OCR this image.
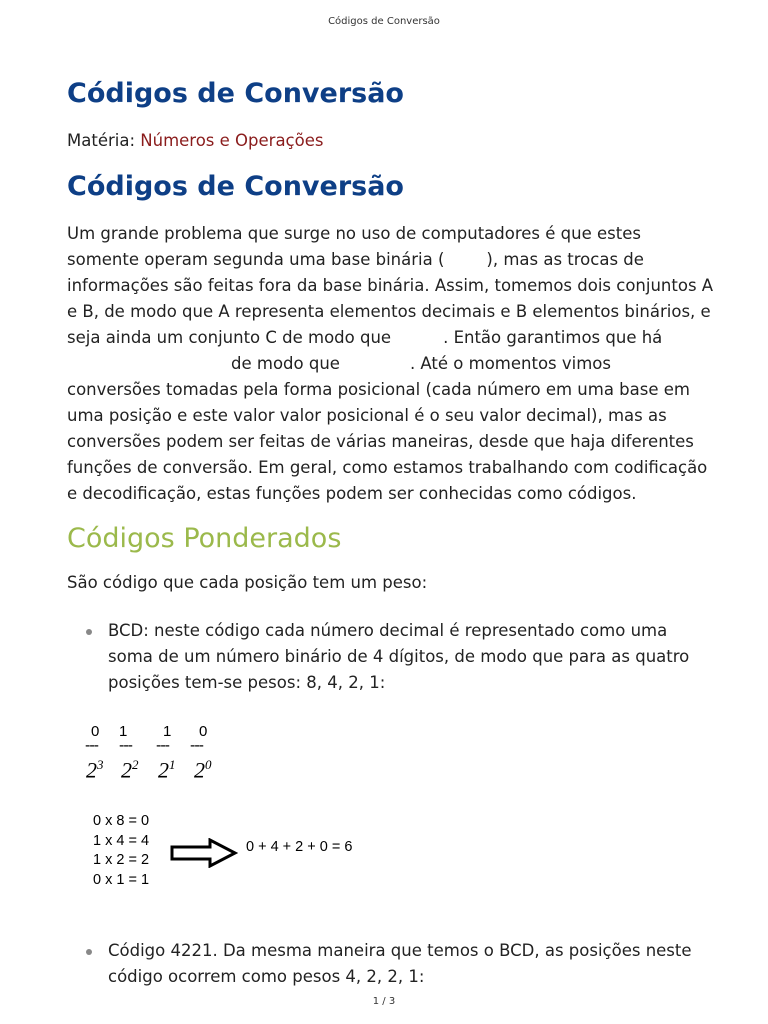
Códigos de Conversão
Códigos de Conversão
Matéria: Números e Operações
Códigos de Conversão
Um grande problema que surge no uso de computadores é que estes
somente operam segunda uma base binária (	), mas as trocas de
informações são feitas fora da base binária. Assim, tomemos dois conjuntos A
e B, de modo que A representa elementos decimais e B elementos binários, e
seja ainda um conjunto C de modo que	. Então garantimos que há
de modo que	. Até o momentos vimos
conversões tomadas pela forma posicional (cada número em uma base em
uma posição e este valor valor posicional é o seu valor decimal), mas as
conversões podem ser feitas de várias maneiras, desde que haja diferentes
funções de conversão. Em geral, como estamos trabalhando com codificação
e decodificação, estas funções podem ser conhecidas como códigos.
Códigos Ponderados
São código que cada posição tem um peso:
BCD: neste código cada número decimal é representado como uma
soma de um número binário de 4 dígitos, de modo que para as quatro
posições tem-se pesos: 8, 4, 2, 1:
Código 4221. Da mesma maneira que temos o BCD, as posições neste
código ocorrem como pesos 4, 2, 2, 1:
0 1 1 0
--- --- --- ---
$2^3$ $2^2$ $2^1$ $2^0$
0 x 8 = 0
1 x 4 = 4
1 x 2 = 2
0 x 1 = 1
0 + 4 + 2 + 0 = 6
1 / 3
